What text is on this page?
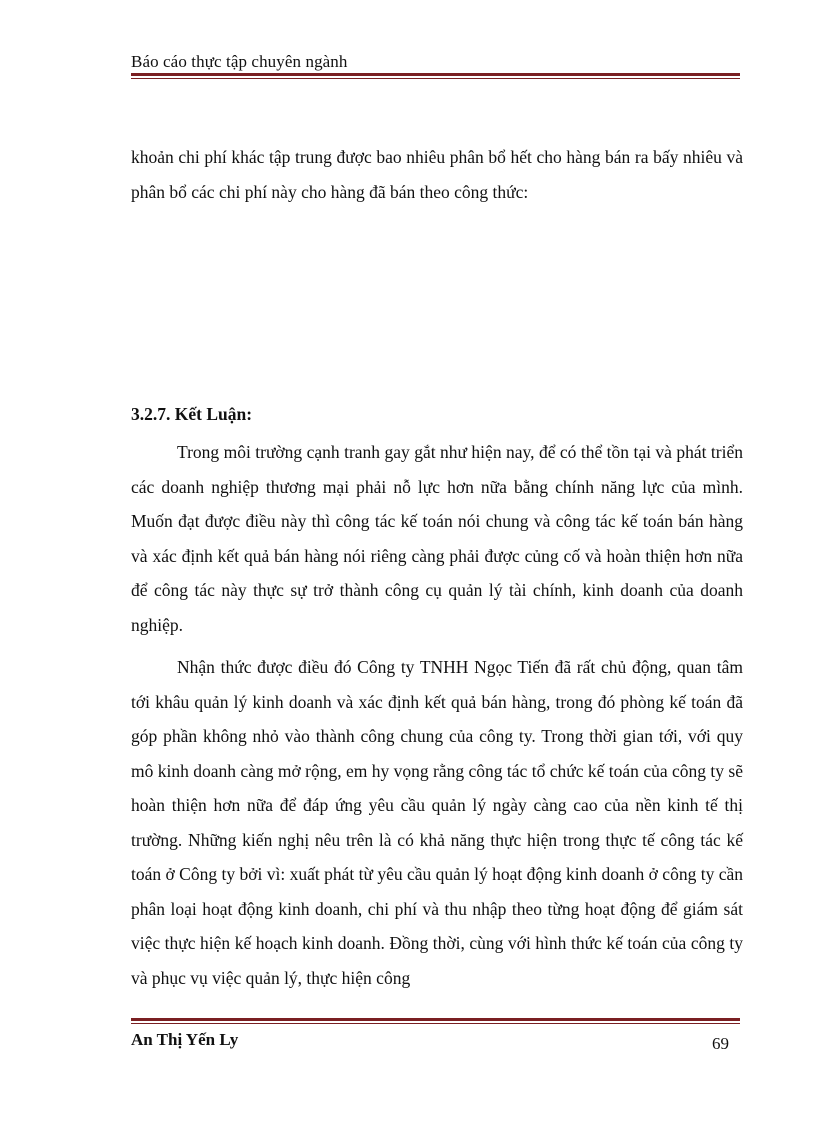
Báo cáo thực tập chuyên ngành
khoản chi phí khác tập trung được bao nhiêu phân bổ hết cho hàng bán ra bấy nhiêu và phân bổ các chi phí này cho hàng đã bán theo công thức:
3.2.7. Kết Luận:
Trong môi trường cạnh tranh gay gắt như hiện nay, để có thể tồn tại và phát triển các doanh nghiệp thương mại phải nỗ lực hơn nữa bằng chính năng lực của mình. Muốn đạt được điều này thì công tác kế toán nói chung và công tác kế toán bán hàng và xác định kết quả bán hàng nói riêng càng phải được củng cố và hoàn thiện hơn nữa để công tác này thực sự trở thành công cụ quản lý tài chính, kinh doanh của doanh nghiệp.
Nhận thức được điều đó Công ty TNHH Ngọc Tiến đã rất chủ động, quan tâm tới khâu quản lý kinh doanh và xác định kết quả bán hàng, trong đó phòng kế toán đã góp phần không nhỏ vào thành công chung của công ty. Trong thời gian tới, với quy mô kinh doanh càng mở rộng, em hy vọng rằng công tác tổ chức kế toán của công ty sẽ hoàn thiện hơn nữa để đáp ứng yêu cầu quản lý ngày càng cao của nền kinh tế thị trường. Những kiến nghị nêu trên là có khả năng thực hiện trong thực tế công tác kế toán ở Công ty bởi vì: xuất phát từ yêu cầu quản lý hoạt động kinh doanh ở công ty cần phân loại hoạt động kinh doanh, chi phí và thu nhập theo từng hoạt động để giám sát việc thực hiện kế hoạch kinh doanh. Đồng thời, cùng với hình thức kế toán của công ty và phục vụ việc quản lý, thực hiện công
An Thị Yến Ly	69
